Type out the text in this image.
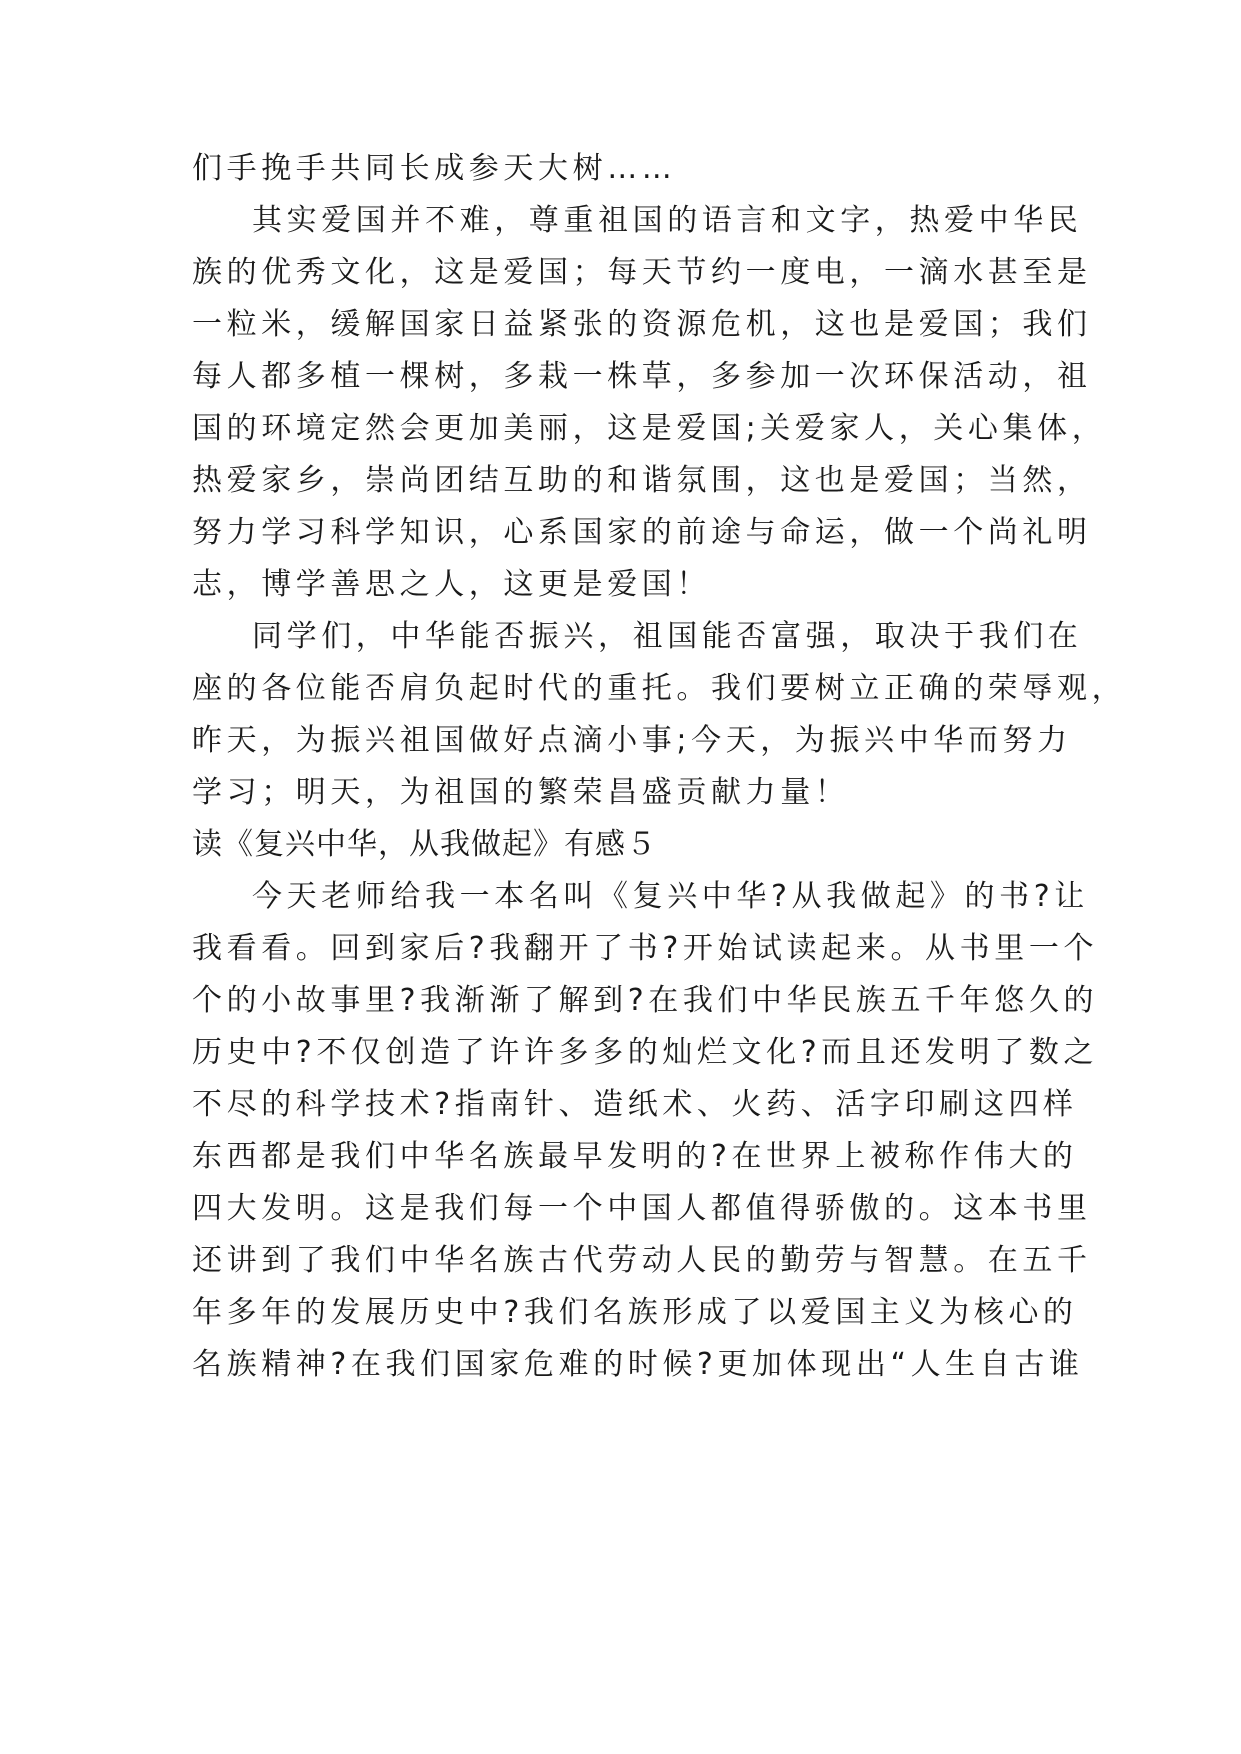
们手挽手共同长成参天大树……
其实爱国并不难，尊重祖国的语言和文字，热爱中华民
族的优秀文化，这是爱国；每天节约一度电，一滴水甚至是
一粒米，缓解国家日益紧张的资源危机，这也是爱国；我们
每人都多植一棵树，多栽一株草，多参加一次环保活动，祖
国的环境定然会更加美丽，这是爱国;关爱家人，关心集体，
热爱家乡，崇尚团结互助的和谐氛围，这也是爱国；当然，
努力学习科学知识，心系国家的前途与命运，做一个尚礼明
志，博学善思之人，这更是爱国！
同学们，中华能否振兴，祖国能否富强，取决于我们在
座的各位能否肩负起时代的重托。我们要树立正确的荣辱观，
昨天，为振兴祖国做好点滴小事;今天，为振兴中华而努力
学习；明天，为祖国的繁荣昌盛贡献力量！
读《复兴中华，从我做起》有感５
今天老师给我一本名叫《复兴中华?从我做起》的书?让
我看看。回到家后?我翻开了书?开始试读起来。从书里一个
个的小故事里?我渐渐了解到?在我们中华民族五千年悠久的
历史中?不仅创造了许许多多的灿烂文化?而且还发明了数之
不尽的科学技术?指南针、造纸术、火药、活字印刷这四样
东西都是我们中华名族最早发明的?在世界上被称作伟大的
四大发明。这是我们每一个中国人都值得骄傲的。这本书里
还讲到了我们中华名族古代劳动人民的勤劳与智慧。在五千
年多年的发展历史中?我们名族形成了以爱国主义为核心的
名族精神?在我们国家危难的时候?更加体现出“人生自古谁
